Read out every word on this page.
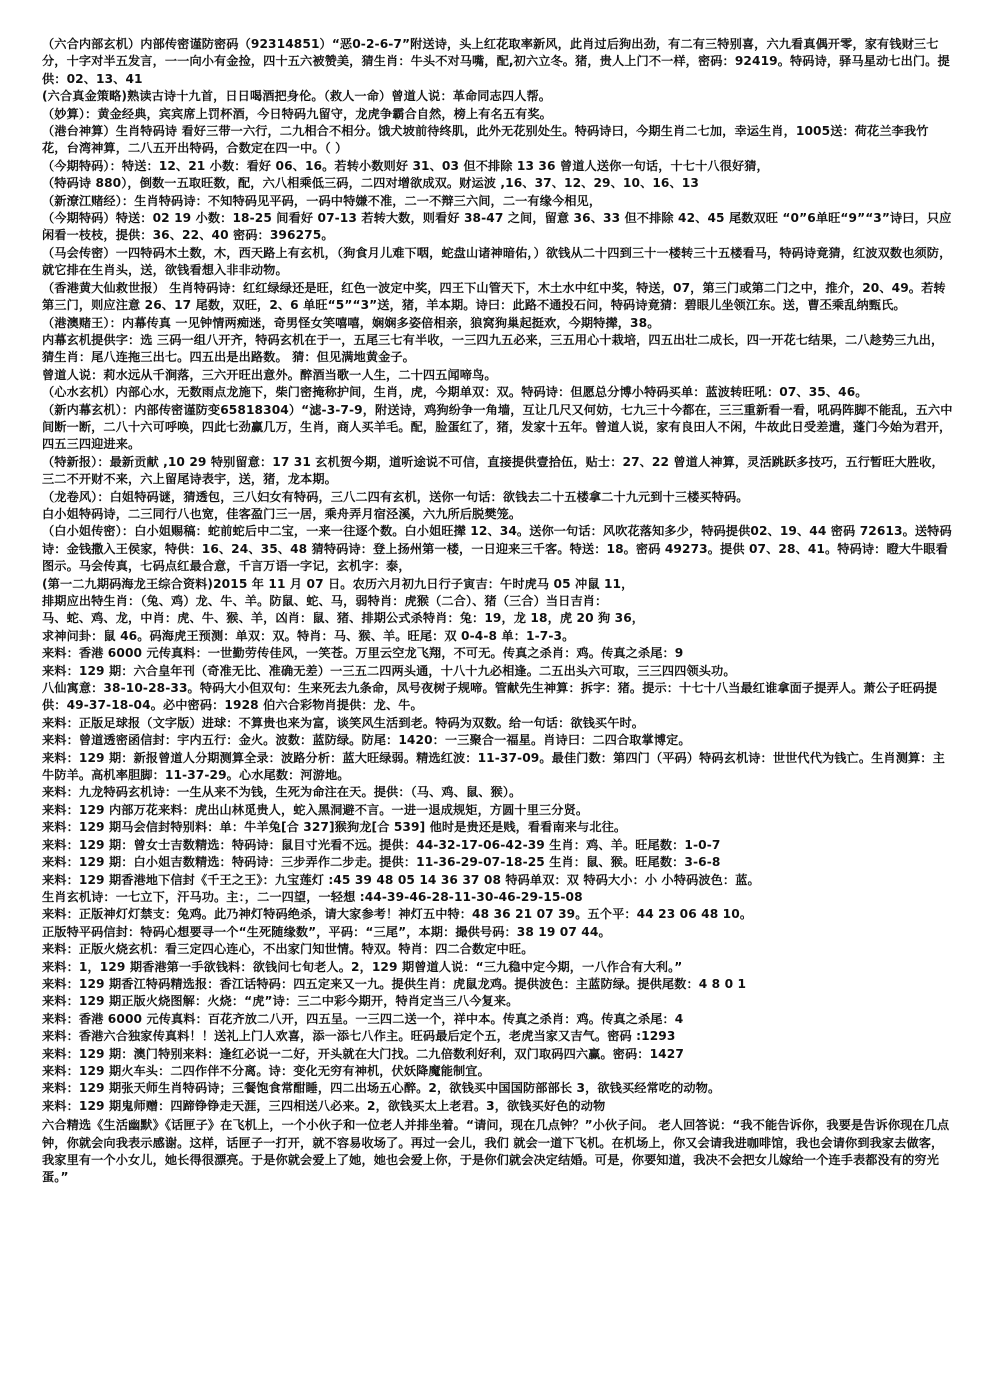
（六合内部玄机）内部传密谨防密码（92314851）“恶0-2-6-7”附送诗，头上红花取率新风，此肖过后狗出劲，有二有三特别喜，六九看真偶开零，家有钱财三七分，十字对半五发言，一一向小有金捡，四十五六被赞美，猜生肖：牛头不对马嘴，配,初六立冬。猪，贵人上门不一样，密码：92419。特码诗，驿马星动七出门。提供：02、13、41

(六合真金策略)熟读古诗十九首，日日喝酒把身伦。（救人一命）曾道人说：革命同志四人帮。

（妙算）：黄金经典，宾宾席上罚杯酒，今日特码九留守，龙虎争霸合自然，榜上有名五有奖。

（港台神算）生肖特码诗 看好三带一六行，二九相合不相分。饿犬坡前待终肌，此外无花别处生。特码诗曰，今期生肖二七加，幸运生肖，1005送：荷花兰李我竹花，台湾神算，二八五开出特码，合数定在四一中。（ ）

（今期特码）：特送：12、21 小数：看好 06、16。若转小数则好 31、03 但不排除 13 36 曾道人送你一句话，十七十八很好猜，

（特码诗 880），倒数一五取旺数，配，六八相乘低三码，二四对增欲成双。财运波 ,16、37、12、29、10、16、13

（新潦江赌经）：生肖特码诗：不知特码见平码，一码中特嫌不准，二一不辩三六间，二一有缘今相见，

（今期特码）特送：02 19 小数：18-25 间看好 07-13 若转大数，则看好 38-47 之间，留意 36、33 但不排除 42、45 尾数双旺 “0”6单旺“9”“3”诗曰，只应闲看一枝枝，提供：36、22、40 密码：396275。

（马会传密）一四特码木土数，木，西天路上有玄机，（狗食月儿难下咽，蛇盘山诸神暗佑，）欲钱从二十四到三十一楼转三十五楼看马，特码诗竟猜，红波双数也须防，就它排在生肖头，送，欲钱看想入非非动物。

（香港黄大仙救世报） 生肖特码诗：红红绿绿还是旺，红色一波定中奖，四王下山管天下，木土水中红中奖，特送，07，第三门或第二门之中，推介，20、49。若转第三门，则应注意 26、17 尾数，双旺，2、6 单旺“5”“3”送，猪，羊本期。诗曰：此路不通投石问，特码诗竟猜：碧眼儿坐领江东。送，曹丕乘乱纳甄氏。

（港澳赌王）：内幕传真 一见钟情两痴迷，奇男怪女笑嘻嘻，娴娴多姿倍相亲，狼窝狗巢起挺欢，今期特撵，38。

内幕玄机提供字：选 三码一组八开齐，特码玄机在于一，五尾三七有半收，一三四九五必来，三五用心十栽培，四五出壮二成长，四一开花七结果，二八趁势三九出，猜生肖：尾八连拖三出七。四五出是出路数。 猜：但见满地黄金子。

曾道人说：莉水远从千涧落，三六开旺出意外。醉酒当歌一人生，二十四五闻啼鸟。

（心水玄机）内部心水，无数雨点龙施下，柴门密掩称护间，生肖，虎，今期单双：双。特码诗：但愿总分博小特码买单：蓝波转旺吼：07、35、46。

（新内幕玄机）：内部传密谨防变65818304）“滤-3-7-9，附送诗，鸡狗纷争一角墙，互让几尺又何妨，七九三十今都在，三三重新看一看，吼码阵脚不能乱，五六中间断一断，二八十六可呼唤，四此七劲赢几万，生肖，商人买羊毛。配，脸蛋红了，猪，发家十五年。曾道人说，家有良田人不闲，牛故此日受差遣，蓬门今始为君开，四五三四迎进来。

（特新报）：最新贡献 ,10 29 特别留意：17 31 玄机贺今期，道听途说不可信，直接提供壹拾伍，贴士：27、22 曾道人神算，灵活跳跃多技巧，五行暂旺大胜收，三二不开财不来，六上留尾诗表宇，送，猪，龙本期。

（龙卷风）：白姐特码谜，猜透包，三八妇女有特码，三八二四有玄机，送你一句话：欲钱去二十五楼拿二十九元到十三楼买特码。

白小姐特码诗，二三同行八也宽，佳客盈门三一居，乘舟弄月宿泾溪，六九所后脱樊笼。

（白小姐传密）：白小姐赐稿：蛇前蛇后中二宝，一来一往逐个数。白小姐旺撵 12、34。送你一句话：风吹花落知多少，特码提供02、19、44 密码 72613。送特码诗：金钱撒入王侯家，特供：16、24、35、48 猜特码诗：登上扬州第一楼，一日迎来三千客。特送：18。密码 49273。提供 07、28、41。特码诗：瞪大牛眼看图示。马会传真，七码点红最合意，千言万语一字记，玄机字：泰，

(第一二九期码海龙王综合资料)2015 年 11 月 07 日。农历六月初九日行子寅吉：午时虎马 05 冲鼠 11，

排期应出特生肖：（兔、鸡）龙、牛、羊。防鼠、蛇、马，弱特肖：虎猴（二合）、猪（三合）当日吉肖：

马、蛇、鸡、龙，中肖：虎、牛、猴、羊，凶肖：鼠、猪、排期公式杀特肖：兔：19，龙 18，虎 20 狗 36，

求神问卦：鼠 46。码海虎王预测：单双：双。特肖：马、猴、羊。旺尾：双 0-4-8 单：1-7-3。

来料：香港 6000 元传真料：一世勤劳传佳风，一笑苍。万里云空龙飞翔，不可无。传真之杀肖：鸡。传真之杀尾：9

来料：129 期：六合皇年刊（奇准无比、准确无差）一三五二四两头通，十八十九必相逢。二五出头六可取，三三四四领头功。

八仙寓意：38-10-28-33。特码大小但双句：生来死去九条命，凤号夜树子规啼。管献先生神算：拆字：猪。提示：十七十八当最红谁拿面子提弄人。萧公子旺码提供：49-37-18-04。必中密码：1928 伯六合彩物肖提供：龙、牛。

来料：正版足球报（文字版）进球：不算贵也来为富，谈笑风生活到老。特码为双数。给一句话：欲钱买午时。

来料：曾道透密函信封：宇内五行：金火。波数：蓝防绿。防尾：1420：一三聚合一福星。肖诗曰：二四合取掌博定。

来料：129 期：新报曾道人分期测算全录：波路分析：蓝大旺绿弱。精选红波：11-37-09。最佳门数：第四门（平码）特码玄机诗：世世代代为钱亡。生肖测算：主牛防羊。高机率胆脚：11-37-29。心水尾数：河游地。

来料：九龙特码玄机诗：一生从来不为钱，生死为命注在天。提供：（马、鸡、鼠、猴）。

来料：129 内部万花来料：虎出山林觅贵人，蛇入黑洞避不言。一进一退成规矩，方圆十里三分贤。

来料：129 期马会信封特别料：单：牛羊兔[合 327]猴狗龙[合 539] 他时是贵还是贱，看看南来与北往。

来料：129 期：曾女士吉数精选：特码诗：鼠目寸光看不远。提供：44-32-17-06-42-39 生肖：鸡、羊。旺尾数：1-0-7

来料：129 期：白小姐吉数精选：特码诗：三步弄作二步走。提供：11-36-29-07-18-25 生肖：鼠、猴。旺尾数：3-6-8

来料：129 期香港地下信封《千王之王》：九宝莲灯 :45 39 48 05 14 36 37 08 特码单双：双 特码大小：小 小特码波色：蓝。

生肖玄机诗：一七立下，汗马功。主：，二一四望，一轻想 :44-39-46-28-11-30-46-29-15-08

来料：正版神灯灯禁支：兔鸡。此乃神灯特码绝杀，请大家参考！神灯五中特：48 36 21 07 39。五个平：44 23 06 48 10。

正版特平码信封：特码心想要寻一个“生死随缘数”，平码：“三尾”，本期：撮供号码：38 19 07 44。

来料：正版火烧玄机：看三定四心连心，不出家门知世情。特双。特肖：四二合数定中旺。

来料：1，129 期香港第一手欲钱料：欲钱问七旬老人。2，129 期曾道人说：“三九稳中定今期，一八作合有大利。”

来料：129 期香江特码精选报：香江话特码：四五定来又一九。提供生肖：虎鼠龙鸡。提供波色：主蓝防绿。提供尾数：4 8 0 1

来料：129 期正版火烧图解：火烧：“虎”诗：三二中彩今期开，特肖定当三八今复来。

来料：香港 6000 元传真料：百花齐放二八开，四五呈。一三四二送一个，祥中本。传真之杀肖：鸡。传真之杀尾：4

来料：香港六合独家传真料！！送礼上门人欢喜，添一添七八作主。旺码最后定个五，老虎当家又吉气。密码 :1293

来料：129 期：澳门特别来料：逢红必说一二好，开头就在大门找。二九倍数利好利，双门取码四六赢。密码：1427

来料：129 期火车头：二四作伴不分离。诗：变化无穷有神机，伏妖降魔能制宜。

来料：129 期张天师生肖特码诗；三餐饱食常酣睡，四二出场五心醉。2，欲钱买中国国防部部长 3，欲钱买经常吃的动物。

来料：129 期鬼师赠：四蹄铮铮走天涯，三四相送八必来。2，欲钱买太上老君。3，欲钱买好色的动物

六合精选《生活幽默》《话匣子》在飞机上，一个小伙子和一位老人并排坐着。“请问，现在几点钟？”小伙子问。 老人回答说：“我不能告诉你，我要是告诉你现在几点钟，你就会向我表示感谢。这样，话匣子一打开，就不容易收场了。再过一会儿，我们 就会一道下飞机。在机场上，你又会请我进咖啡馆，我也会请你到我家去做客，我家里有一个小女儿，她长得很漂亮。于是你就会爱上了她，她也会爱上你，于是你们就会决定结婚。可是，你要知道，我决不会把女儿嫁给一个连手表都没有的穷光蛋。”
